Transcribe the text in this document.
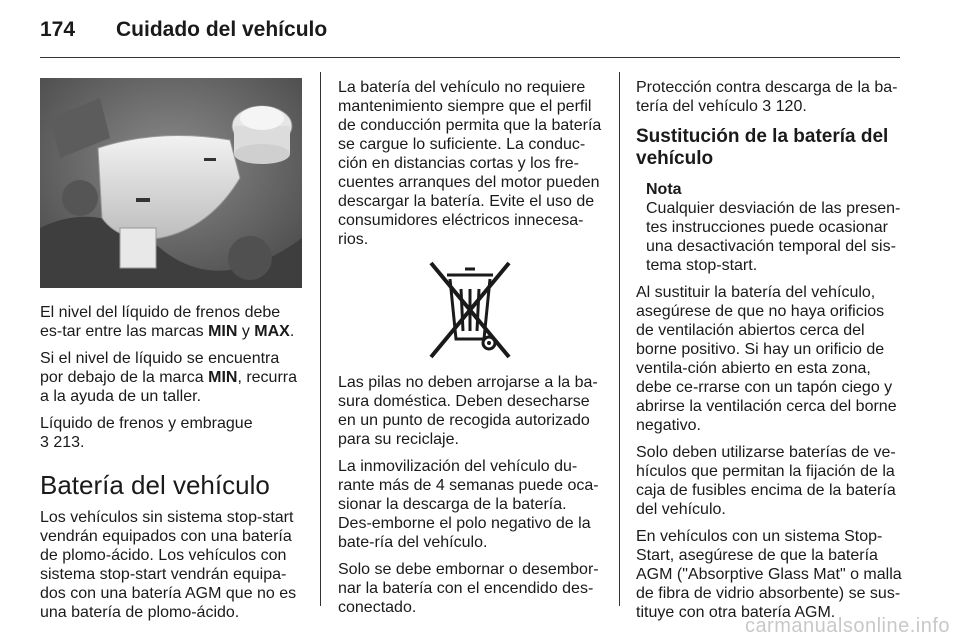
174 Cuidado del vehículo

El nivel del líquido de frenos debe es-tar entre las marcas MIN y MAX.

Si el nivel de líquido se encuentra por debajo de la marca MIN, recurra a la ayuda de un taller.

Líquido de frenos y embrague
3 213.

Batería del vehículo

Los vehículos sin sistema stop-start vendrán equipados con una batería de plomo-ácido. Los vehículos con sistema stop-start vendrán equipa-dos con una batería AGM que no es una batería de plomo-ácido.

La batería del vehículo no requiere mantenimiento siempre que el perfil de conducción permita que la batería se cargue lo suficiente. La conduc-ción en distancias cortas y los fre-cuentes arranques del motor pueden descargar la batería. Evite el uso de consumidores eléctricos innecesa-rios.

Las pilas no deben arrojarse a la ba-sura doméstica. Deben desecharse en un punto de recogida autorizado para su reciclaje.

La inmovilización del vehículo du-rante más de 4 semanas puede oca-sionar la descarga de la batería. Des-emborne el polo negativo de la bate-ría del vehículo.

Solo se debe embornar o desembor-nar la batería con el encendido des-conectado.

Protección contra descarga de la ba-tería del vehículo 3 120.

Sustitución de la batería del vehículo
Nota
Cualquier desviación de las presen-tes instrucciones puede ocasionar una desactivación temporal del sis-tema stop-start.

Al sustituir la batería del vehículo, asegúrese de que no haya orificios de ventilación abiertos cerca del borne positivo. Si hay un orificio de ventila-ción abierto en esta zona, debe ce-rrarse con un tapón ciego y abrirse la ventilación cerca del borne negativo.

Solo deben utilizarse baterías de ve-hículos que permitan la fijación de la caja de fusibles encima de la batería del vehículo.

En vehículos con un sistema Stop-Start, asegúrese de que la batería AGM ("Absorptive Glass Mat" o malla de fibra de vidrio absorbente) se sus-tituye con otra batería AGM.

carmanualsonline.info
